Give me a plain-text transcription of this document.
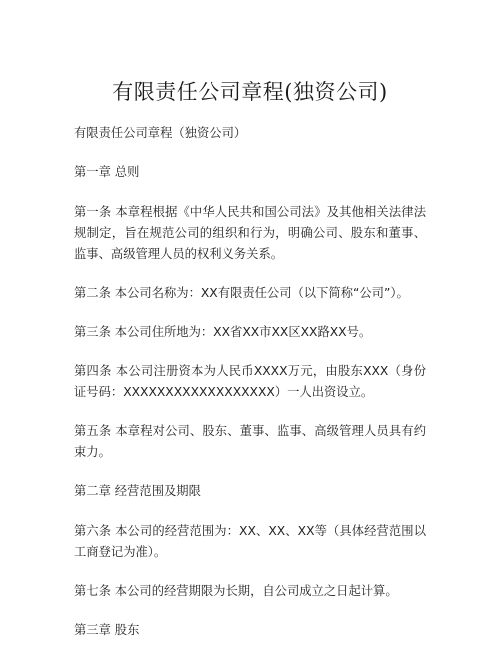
有限责任公司章程(独资公司)

有限责任公司章程（独资公司）

第一章 总则

第一条 本章程根据《中华人民共和国公司法》及其他相关法律法规制定，旨在规范公司的组织和行为，明确公司、股东和董事、监事、高级管理人员的权利义务关系。

第二条 本公司名称为：XX有限责任公司（以下简称“公司”）。

第三条 本公司住所地为：XX省XX市XX区XX路XX号。

第四条 本公司注册资本为人民币XXXX万元，由股东XXX（身份证号码：XXXXXXXXXXXXXXXXXX）一人出资设立。

第五条 本章程对公司、股东、董事、监事、高级管理人员具有约束力。

第二章 经营范围及期限

第六条 本公司的经营范围为：XX、XX、XX等（具体经营范围以工商登记为准）。

第七条 本公司的经营期限为长期，自公司成立之日起计算。

第三章 股东
